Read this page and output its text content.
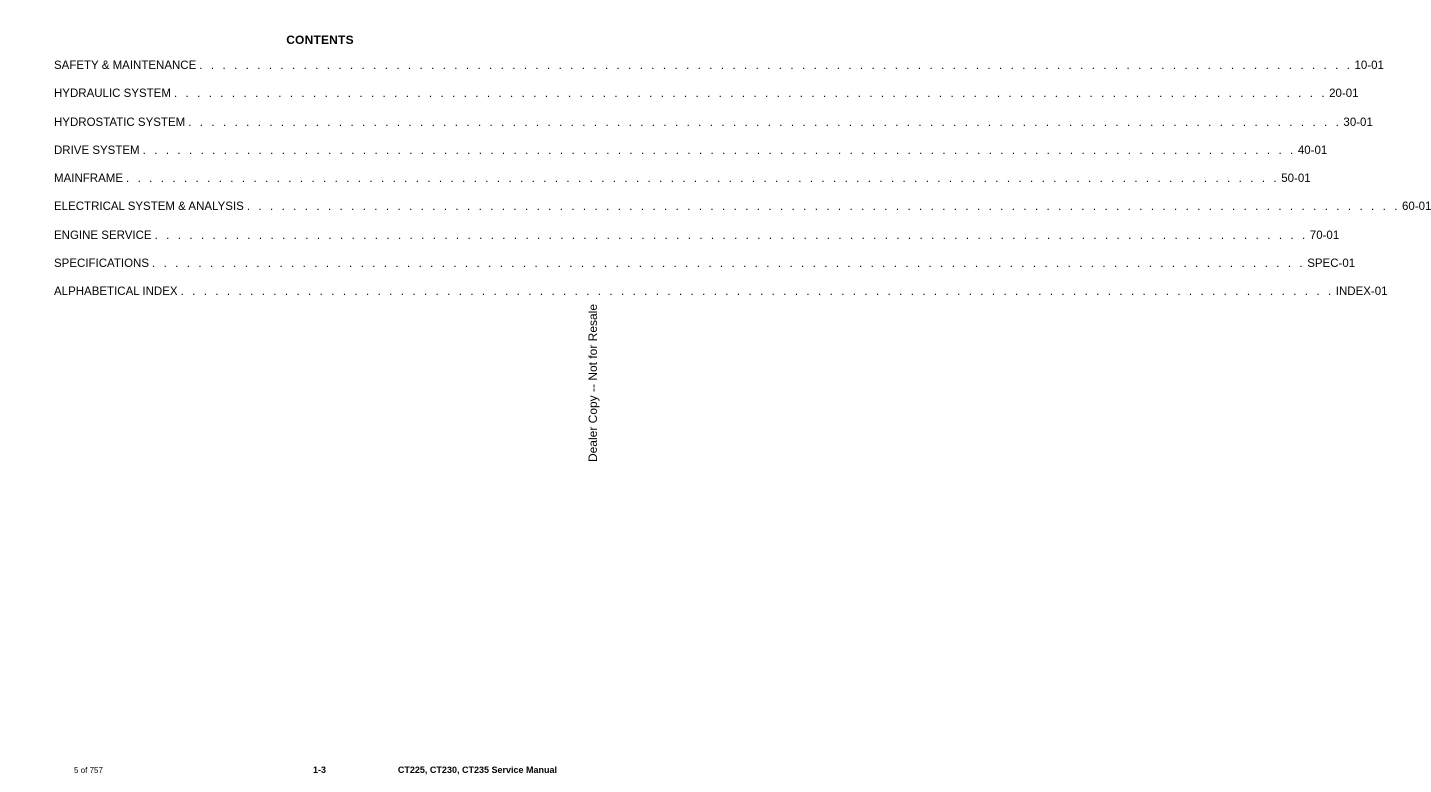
CONTENTS
SAFETY & MAINTENANCE . . . . . . . . . . . . . . . . . . . . . . . . . . . . . . . . . . . . . . . . . . . . . . . . . . . . . . . . . . . . . . . . . . . . . . . . . . . . . . . . . . . . . . . . . . . . . . . . . . . . 10-01
HYDRAULIC SYSTEM . . . . . . . . . . . . . . . . . . . . . . . . . . . . . . . . . . . . . . . . . . . . . . . . . . . . . . . . . . . . . . . . . . . . . . . . . . . . . . . . . . . . . . . . . . . . . . . . . . . . 20-01
HYDROSTATIC SYSTEM . . . . . . . . . . . . . . . . . . . . . . . . . . . . . . . . . . . . . . . . . . . . . . . . . . . . . . . . . . . . . . . . . . . . . . . . . . . . . . . . . . . . . . . . . . . . . . . . . . . . 30-01
DRIVE SYSTEM . . . . . . . . . . . . . . . . . . . . . . . . . . . . . . . . . . . . . . . . . . . . . . . . . . . . . . . . . . . . . . . . . . . . . . . . . . . . . . . . . . . . . . . . . . . . . . . . . . . . 40-01
MAINFRAME . . . . . . . . . . . . . . . . . . . . . . . . . . . . . . . . . . . . . . . . . . . . . . . . . . . . . . . . . . . . . . . . . . . . . . . . . . . . . . . . . . . . . . . . . . . . . . . . . . . . 50-01
ELECTRICAL SYSTEM & ANALYSIS . . . . . . . . . . . . . . . . . . . . . . . . . . . . . . . . . . . . . . . . . . . . . . . . . . . . . . . . . . . . . . . . . . . . . . . . . . . . . . . . . . . . . . . . . . . . . . . . . . . . 60-01
ENGINE SERVICE . . . . . . . . . . . . . . . . . . . . . . . . . . . . . . . . . . . . . . . . . . . . . . . . . . . . . . . . . . . . . . . . . . . . . . . . . . . . . . . . . . . . . . . . . . . . . . . . . . . . 70-01
SPECIFICATIONS . . . . . . . . . . . . . . . . . . . . . . . . . . . . . . . . . . . . . . . . . . . . . . . . . . . . . . . . . . . . . . . . . . . . . . . . . . . . . . . . . . . . . . . . . . . . . . . . . . . . SPEC-01
ALPHABETICAL INDEX . . . . . . . . . . . . . . . . . . . . . . . . . . . . . . . . . . . . . . . . . . . . . . . . . . . . . . . . . . . . . . . . . . . . . . . . . . . . . . . . . . . . . . . . . . . . . . . . . . . . INDEX-01
Dealer Copy -- Not for Resale
5 of 757	1-3	CT225, CT230, CT235 Service Manual
